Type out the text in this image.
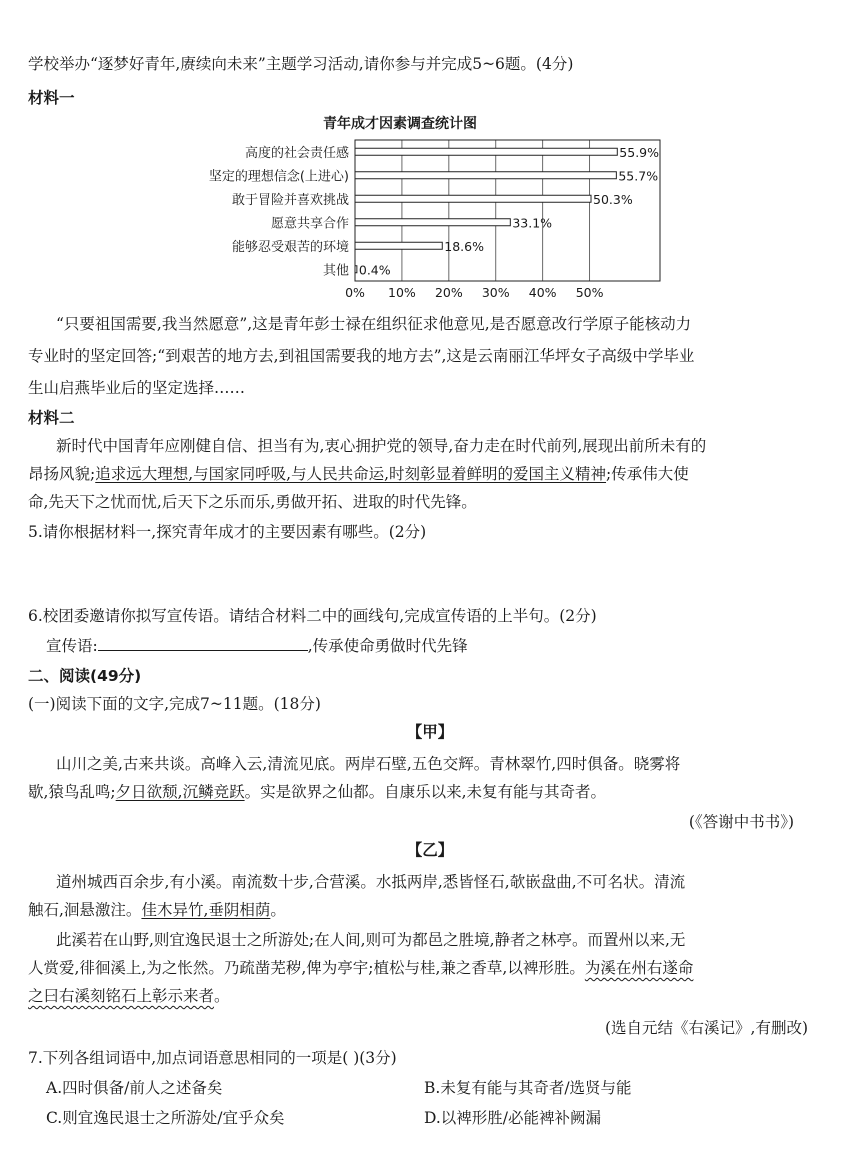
学校举办“逐梦好青年,赓续向未来”主题学习活动,请你参与并完成5~6题。(4分)
材料一
青年成才因素调查统计图
高度的社会责任感	55.9%
坚定的理想信念(上进心)	55.7%
敢于冒险并喜欢挑战	50.3%
愿意共享合作	33.1%
能够忍受艰苦的环境	18.6%
其他 0.4%
0% 10% 20% 30% 40% 50%
“只要祖国需要,我当然愿意”,这是青年彭士禄在组织征求他意见,是否愿意改行学原子能核动力
专业时的坚定回答;“到艰苦的地方去,到祖国需要我的地方去”,这是云南丽江华坪女子高级中学毕业
生山启燕毕业后的坚定选择……
材料二
新时代中国青年应刚健自信、担当有为,衷心拥护党的领导,奋力走在时代前列,展现出前所未有的
昂扬风貌;追求远大理想,与国家同呼吸,与人民共命运,时刻彰显着鲜明的爱国主义精神;传承伟大使
命,先天下之忧而忧,后天下之乐而乐,勇做开拓、进取的时代先锋。
5.请你根据材料一,探究青年成才的主要因素有哪些。(2分)
6.校团委邀请你拟写宣传语。请结合材料二中的画线句,完成宣传语的上半句。(2分)
宣传语:	,传承使命勇做时代先锋
二、阅读(49分)
(一)阅读下面的文字,完成7~11题。(18分)
【甲】
山川之美,古来共谈。高峰入云,清流见底。两岸石壁,五色交辉。青林翠竹,四时俱备。晓雾将
歇,猿鸟乱鸣;夕日欲颓,沉鳞竞跃。实是欲界之仙都。自康乐以来,未复有能与其奇者。
(《答谢中书书》)
【乙】
道州城西百余步,有小溪。南流数十步,合营溪。水抵两岸,悉皆怪石,欹嵌盘曲,不可名状。清流
触石,洄悬激注。佳木异竹,垂阴相荫。
此溪若在山野,则宜逸民退士之所游处;在人间,则可为都邑之胜境,静者之林亭。而置州以来,无
人赏爱,徘徊溪上,为之怅然。乃疏凿芜秽,俾为亭宇;植松与桂,兼之香草,以裨形胜。为溪在州右遂命
之曰右溪刻铭石上彰示来者。
(选自元结《右溪记》,有删改)
7.下列各组词语中,加点词语意思相同的一项是( )(3分)
A.四时俱备/前人之述备矣	B.未复有能与其奇者/选贤与能
C.则宜逸民退士之所游处/宜乎众矣	D.以裨形胜/必能裨补阙漏
